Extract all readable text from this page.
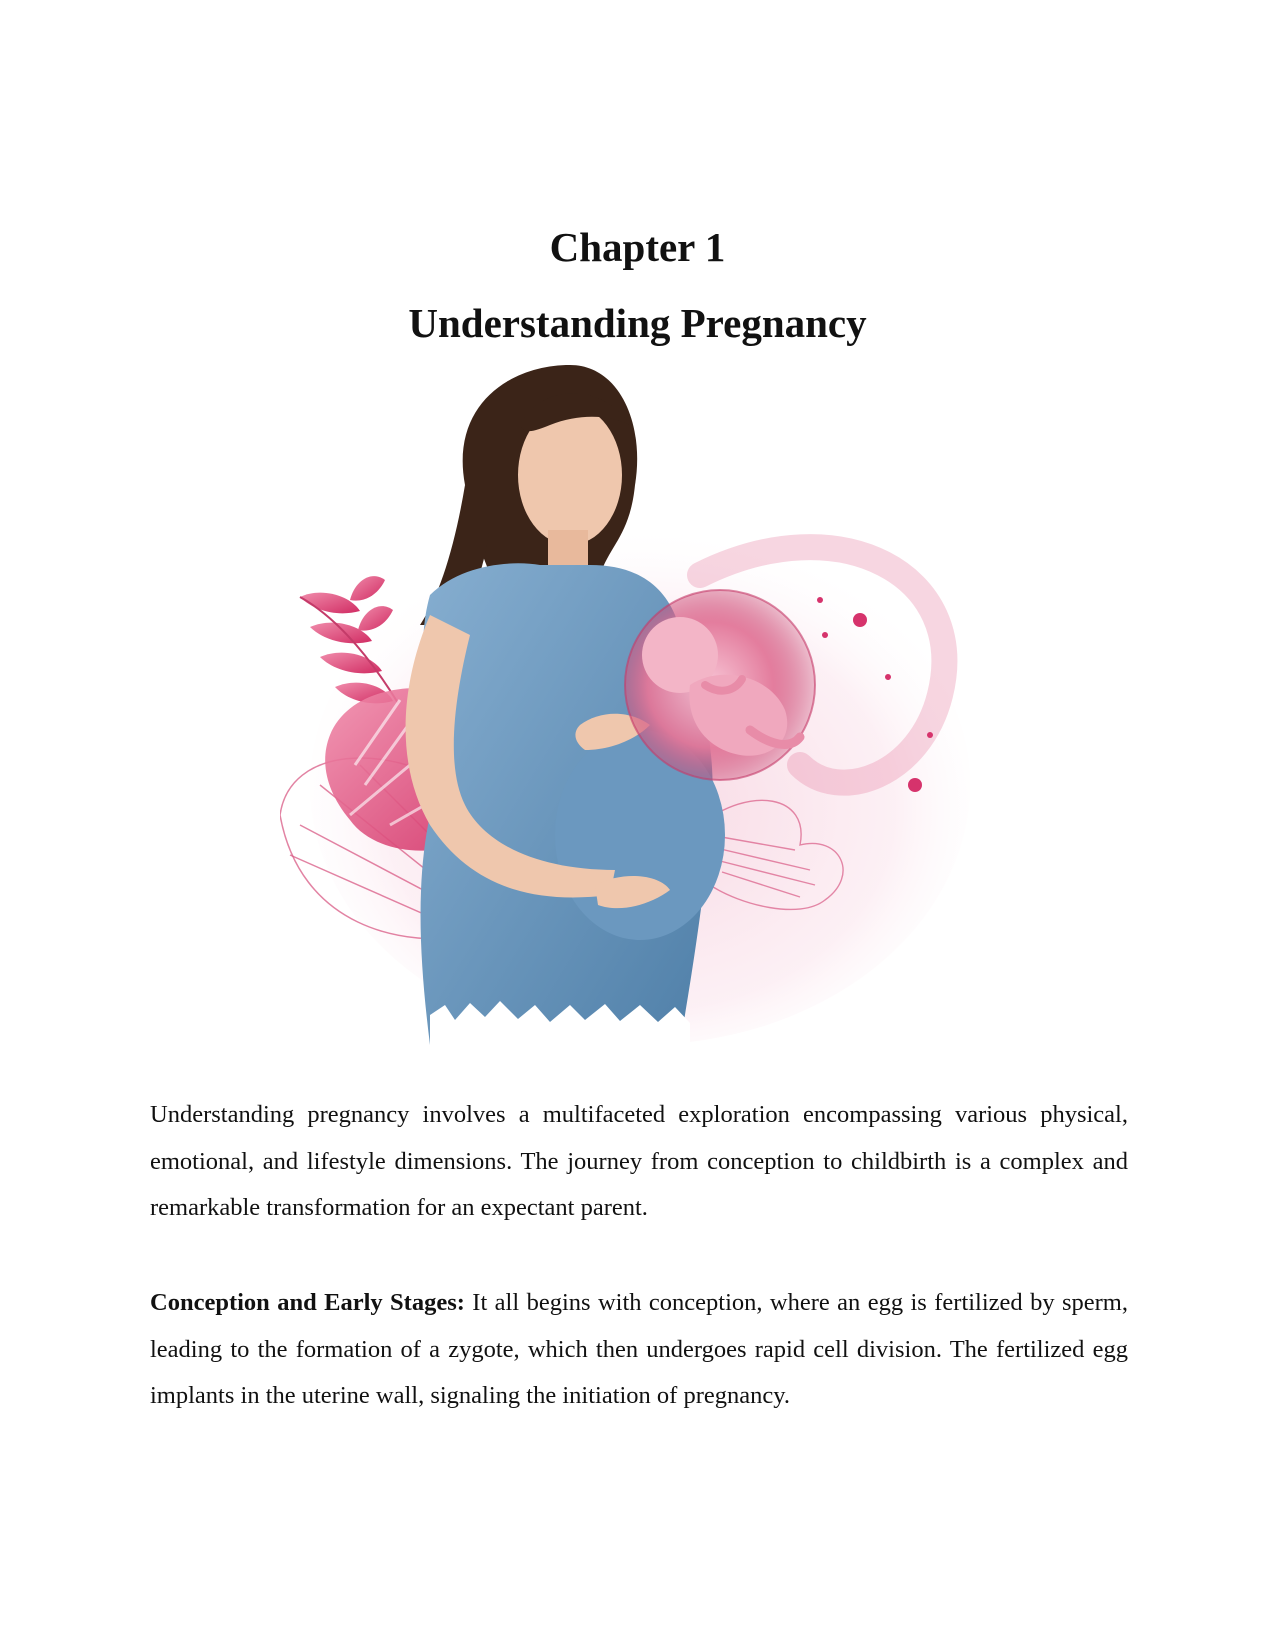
Chapter 1
Understanding Pregnancy

Understanding pregnancy involves a multifaceted exploration encompassing various physical, emotional, and lifestyle dimensions. The journey from conception to childbirth is a complex and remarkable transformation for an expectant parent.

Conception and Early Stages: It all begins with conception, where an egg is fertilized by sperm, leading to the formation of a zygote, which then undergoes rapid cell division. The fertilized egg implants in the uterine wall, signaling the initiation of pregnancy.
